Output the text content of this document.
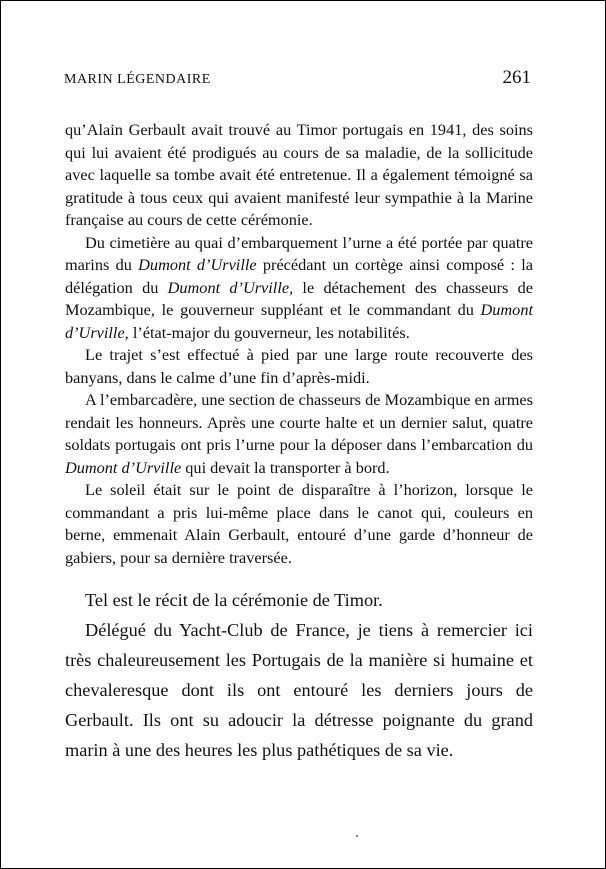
MARIN LÉGENDAIRE	261

qu’Alain Gerbault avait trouvé au Timor portugais en 1941, des soins qui lui avaient été prodigués au cours de sa maladie, de la sollicitude avec laquelle sa tombe avait été entretenue. Il a également témoigné sa gratitude à tous ceux qui avaient manifesté leur sympathie à la Marine française au cours de cette cérémonie.

Du cimetière au quai d’embarquement l’urne a été portée par quatre marins du Dumont d’Urville précédant un cortège ainsi composé : la délégation du Dumont d’Urville, le détachement des chasseurs de Mozambique, le gouverneur suppléant et le commandant du Dumont d’Urville, l’état-major du gouverneur, les notabilités.

Le trajet s’est effectué à pied par une large route recouverte des banyans, dans le calme d’une fin d’après-midi.

A l’embarcadère, une section de chasseurs de Mozambique en armes rendait les honneurs. Après une courte halte et un dernier salut, quatre soldats portugais ont pris l’urne pour la déposer dans l’embarcation du Dumont d’Urville qui devait la transporter à bord.

Le soleil était sur le point de disparaître à l’horizon, lorsque le commandant a pris lui-même place dans le canot qui, couleurs en berne, emmenait Alain Gerbault, entouré d’une garde d’honneur de gabiers, pour sa dernière traversée.

Tel est le récit de la cérémonie de Timor.

Délégué du Yacht-Club de France, je tiens à remercier ici très chaleureusement les Portugais de la manière si humaine et chevaleresque dont ils ont entouré les derniers jours de Gerbault. Ils ont su adoucir la détresse poignante du grand marin à une des heures les plus pathétiques de sa vie.
